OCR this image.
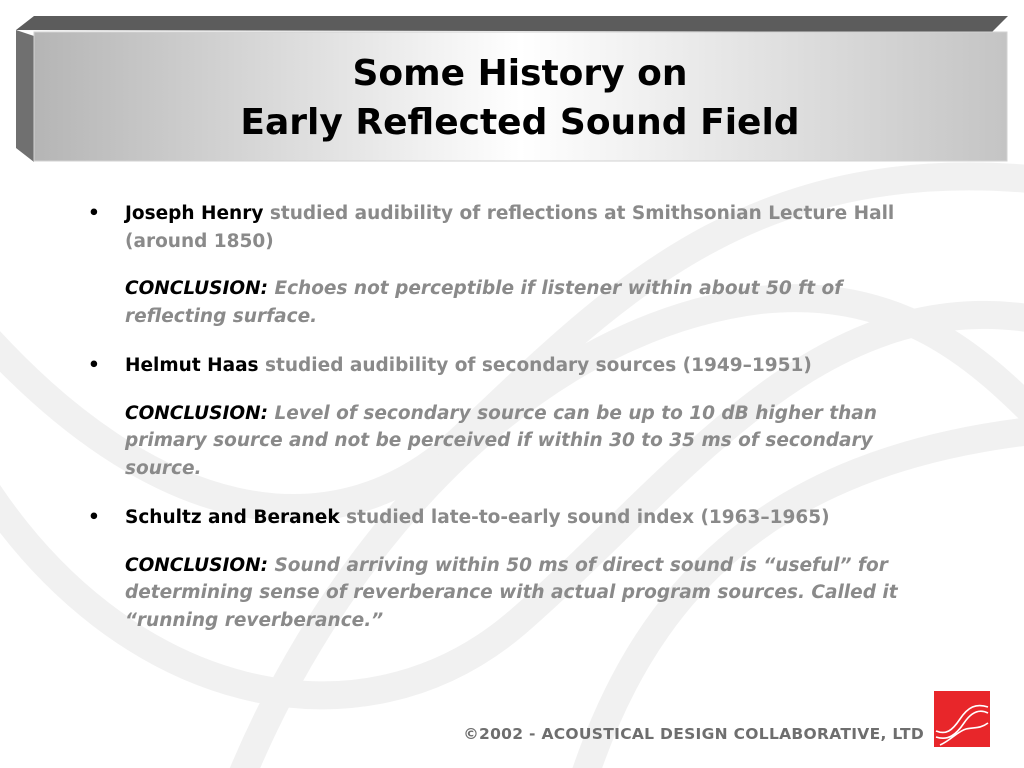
Some History on
Early Reflected Sound Field
• Joseph Henry studied audibility of reflections at Smithsonian Lecture Hall (around 1850)
CONCLUSION: Echoes not perceptible if listener within about 50 ft of reflecting surface.
• Helmut Haas studied audibility of secondary sources (1949–1951)
CONCLUSION: Level of secondary source can be up to 10 dB higher than primary source and not be perceived if within 30 to 35 ms of secondary source.
• Schultz and Beranek studied late-to-early sound index (1963–1965)
CONCLUSION: Sound arriving within 50 ms of direct sound is “useful” for determining sense of reverberance with actual program sources. Called it “running reverberance.”
©2002 - ACOUSTICAL DESIGN COLLABORATIVE, LTD
